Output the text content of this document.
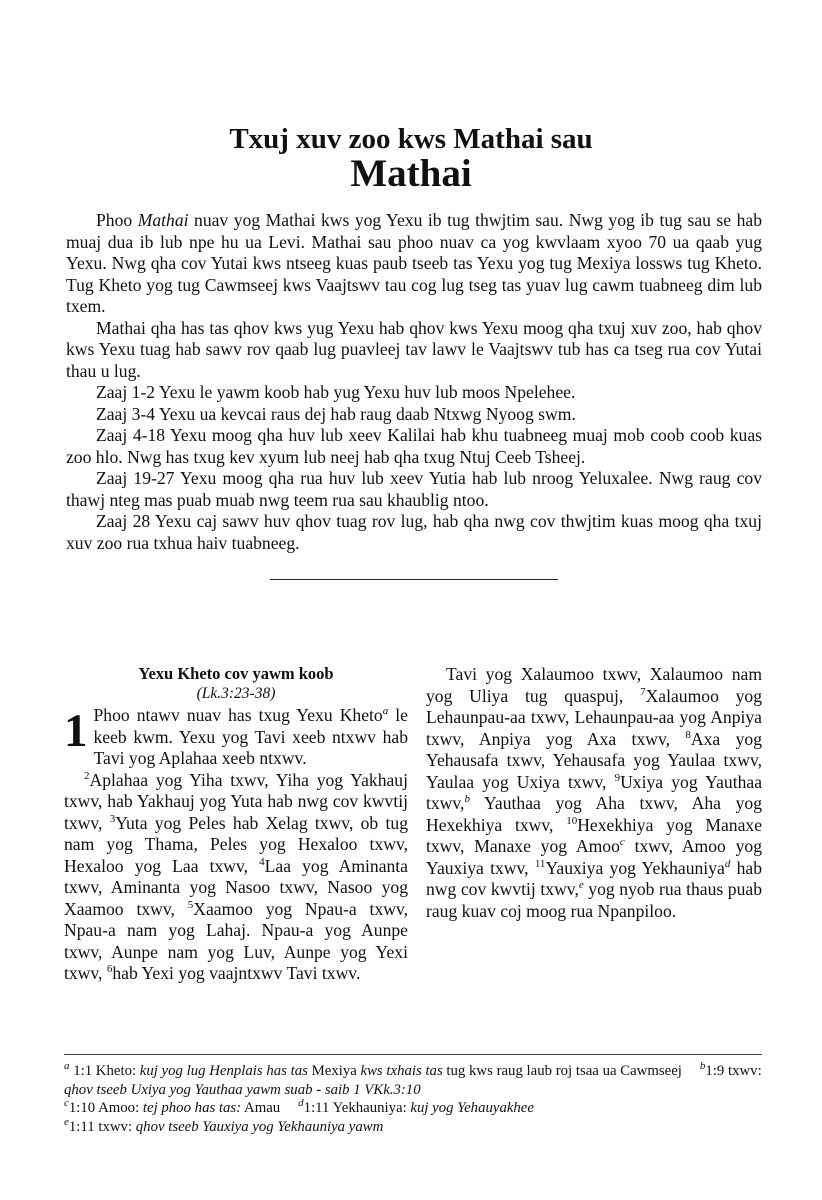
Txuj xuv zoo kws Mathai sau
Mathai

Phoo Mathai nuav yog Mathai kws yog Yexu ib tug thwjtim sau. Nwg yog ib tug sau se hab muaj dua ib lub npe hu ua Levi. Mathai sau phoo nuav ca yog kwvlaam xyoo 70 ua qaab yug Yexu. Nwg qha cov Yutai kws ntseeg kuas paub tseeb tas Yexu yog tug Mexiya lossws tug Kheto. Tug Kheto yog tug Cawmseej kws Vaajtswv tau cog lug tseg tas yuav lug cawm tuabneeg dim lub txem.

Mathai qha has tas qhov kws yug Yexu hab qhov kws Yexu moog qha txuj xuv zoo, hab qhov kws Yexu tuag hab sawv rov qaab lug puavleej tav lawv le Vaajtswv tub has ca tseg rua cov Yutai thau u lug.

Zaaj 1-2 Yexu le yawm koob hab yug Yexu huv lub moos Npelehee.

Zaaj 3-4 Yexu ua kevcai raus dej hab raug daab Ntxwg Nyoog swm.

Zaaj 4-18 Yexu moog qha huv lub xeev Kalilai hab khu tuabneeg muaj mob coob coob kuas zoo hlo. Nwg has txug kev xyum lub neej hab qha txug Ntuj Ceeb Tsheej.

Zaaj 19-27 Yexu moog qha rua huv lub xeev Yutia hab lub nroog Yeluxalee. Nwg raug cov thawj nteg mas puab muab nwg teem rua sau khaublig ntoo.

Zaaj 28 Yexu caj sawv huv qhov tuag rov lug, hab qha nwg cov thwjtim kuas moog qha txuj xuv zoo rua txhua haiv tuabneeg.

Yexu Kheto cov yawm koob
(Lk.3:23-38)

1 Phoo ntawv nuav has txug Yexu Kheto$^a$ le keeb kwm. Yexu yog Tavi xeeb ntxwv hab Tavi yog Aplahaa xeeb ntxwv.

$^2$Aplahaa yog Yiha txwv, Yiha yog Yakhauj txwv, hab Yakhauj yog Yuta hab nwg cov kwvtij txwv, $^3$Yuta yog Peles hab Xelag txwv, ob tug nam yog Thama, Peles yog Hexaloo txwv, Hexaloo yog Laa txwv, $^4$Laa yog Aminanta txwv, Aminanta yog Nasoo txwv, Nasoo yog Xaamoo txwv, $^5$Xaamoo yog Npau-a txwv, Npau-a nam yog Lahaj. Npau-a yog Aunpe txwv, Aunpe nam yog Luv, Aunpe yog Yexi txwv, $^6$hab Yexi yog vaajntxwv Tavi txwv.

Tavi yog Xalaumoo txwv, Xalaumoo nam yog Uliya tug quaspuj, $^7$Xalaumoo yog Lehaunpau-aa txwv, Lehaunpau-aa yog Anpiya txwv, Anpiya yog Axa txwv, $^8$Axa yog Yehausafa txwv, Yehausafa yog Yaulaa txwv, Yaulaa yog Uxiya txwv, $^9$Uxiya yog Yauthaa txwv,$^b$ Yauthaa yog Aha txwv, Aha yog Hexekhiya txwv, $^{10}$Hexekhiya yog Manaxe txwv, Manaxe yog Amoo$^c$ txwv, Amoo yog Yauxiya txwv, $^{11}$Yauxiya yog Yekhauniya$^d$ hab nwg cov kwvtij txwv,$^e$ yog nyob rua thaus puab raug kuav coj moog rua Npanpiloo.

$^a$ 1:1 Kheto: kuj yog lug Henplais has tas Mexiya kws txhais tas tug kws raug laub roj tsaa ua Cawmseej $^b$1:9 txwv: qhov tseeb Uxiya yog Yauthaa yawm suab - saib 1 VKk.3:10
$^c$1:10 Amoo: tej phoo has tas: Amau $^d$1:11 Yekhauniya: kuj yog Yehauyakhee
$^e$1:11 txwv: qhov tseeb Yauxiya yog Yekhauniya yawm
